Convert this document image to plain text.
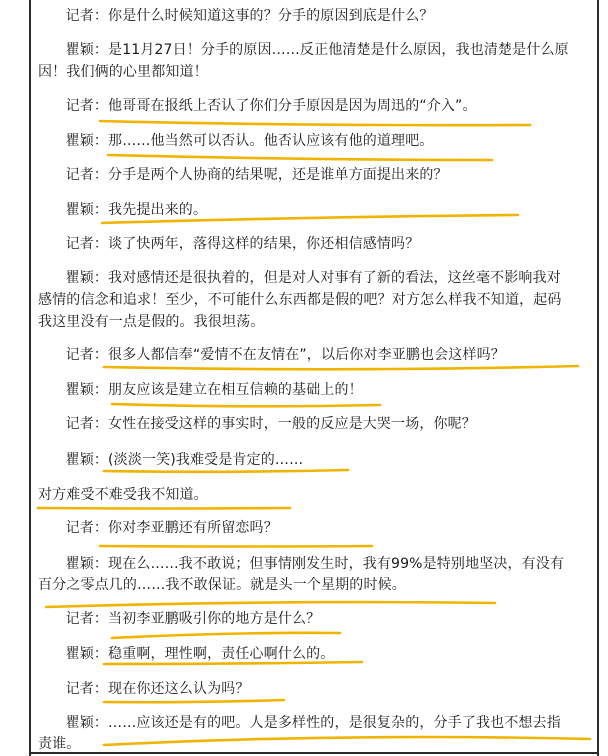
记者：你是什么时候知道这事的？分手的原因到底是什么？
瞿颖：是11月27日！分手的原因……反正他清楚是什么原因，我也清楚是什么原
因！我们俩的心里都知道！
记者：他哥哥在报纸上否认了你们分手原因是因为周迅的“介入”。
瞿颖：那……他当然可以否认。他否认应该有他的道理吧。
记者：分手是两个人协商的结果呢，还是谁单方面提出来的？
瞿颖：我先提出来的。
记者：谈了快两年，落得这样的结果，你还相信感情吗？
瞿颖：我对感情还是很执着的，但是对人对事有了新的看法，这丝毫不影响我对
感情的信念和追求！至少，不可能什么东西都是假的吧？对方怎么样我不知道，起码
我这里没有一点是假的。我很坦荡。
记者：很多人都信奉“爱情不在友情在”，以后你对李亚鹏也会这样吗？
瞿颖：朋友应该是建立在相互信赖的基础上的！
记者：女性在接受这样的事实时，一般的反应是大哭一场，你呢？
瞿颖：(淡淡一笑)我难受是肯定的……
对方难受不难受我不知道。
记者：你对李亚鹏还有所留恋吗？
瞿颖：现在么……我不敢说；但事情刚发生时，我有99%是特别地坚决，有没有
百分之零点几的……我不敢保证。就是头一个星期的时候。
记者：当初李亚鹏吸引你的地方是什么？
瞿颖：稳重啊，理性啊，责任心啊什么的。
记者：现在你还这么认为吗？
瞿颖：……应该还是有的吧。人是多样性的，是很复杂的，分手了我也不想去指
责谁。
